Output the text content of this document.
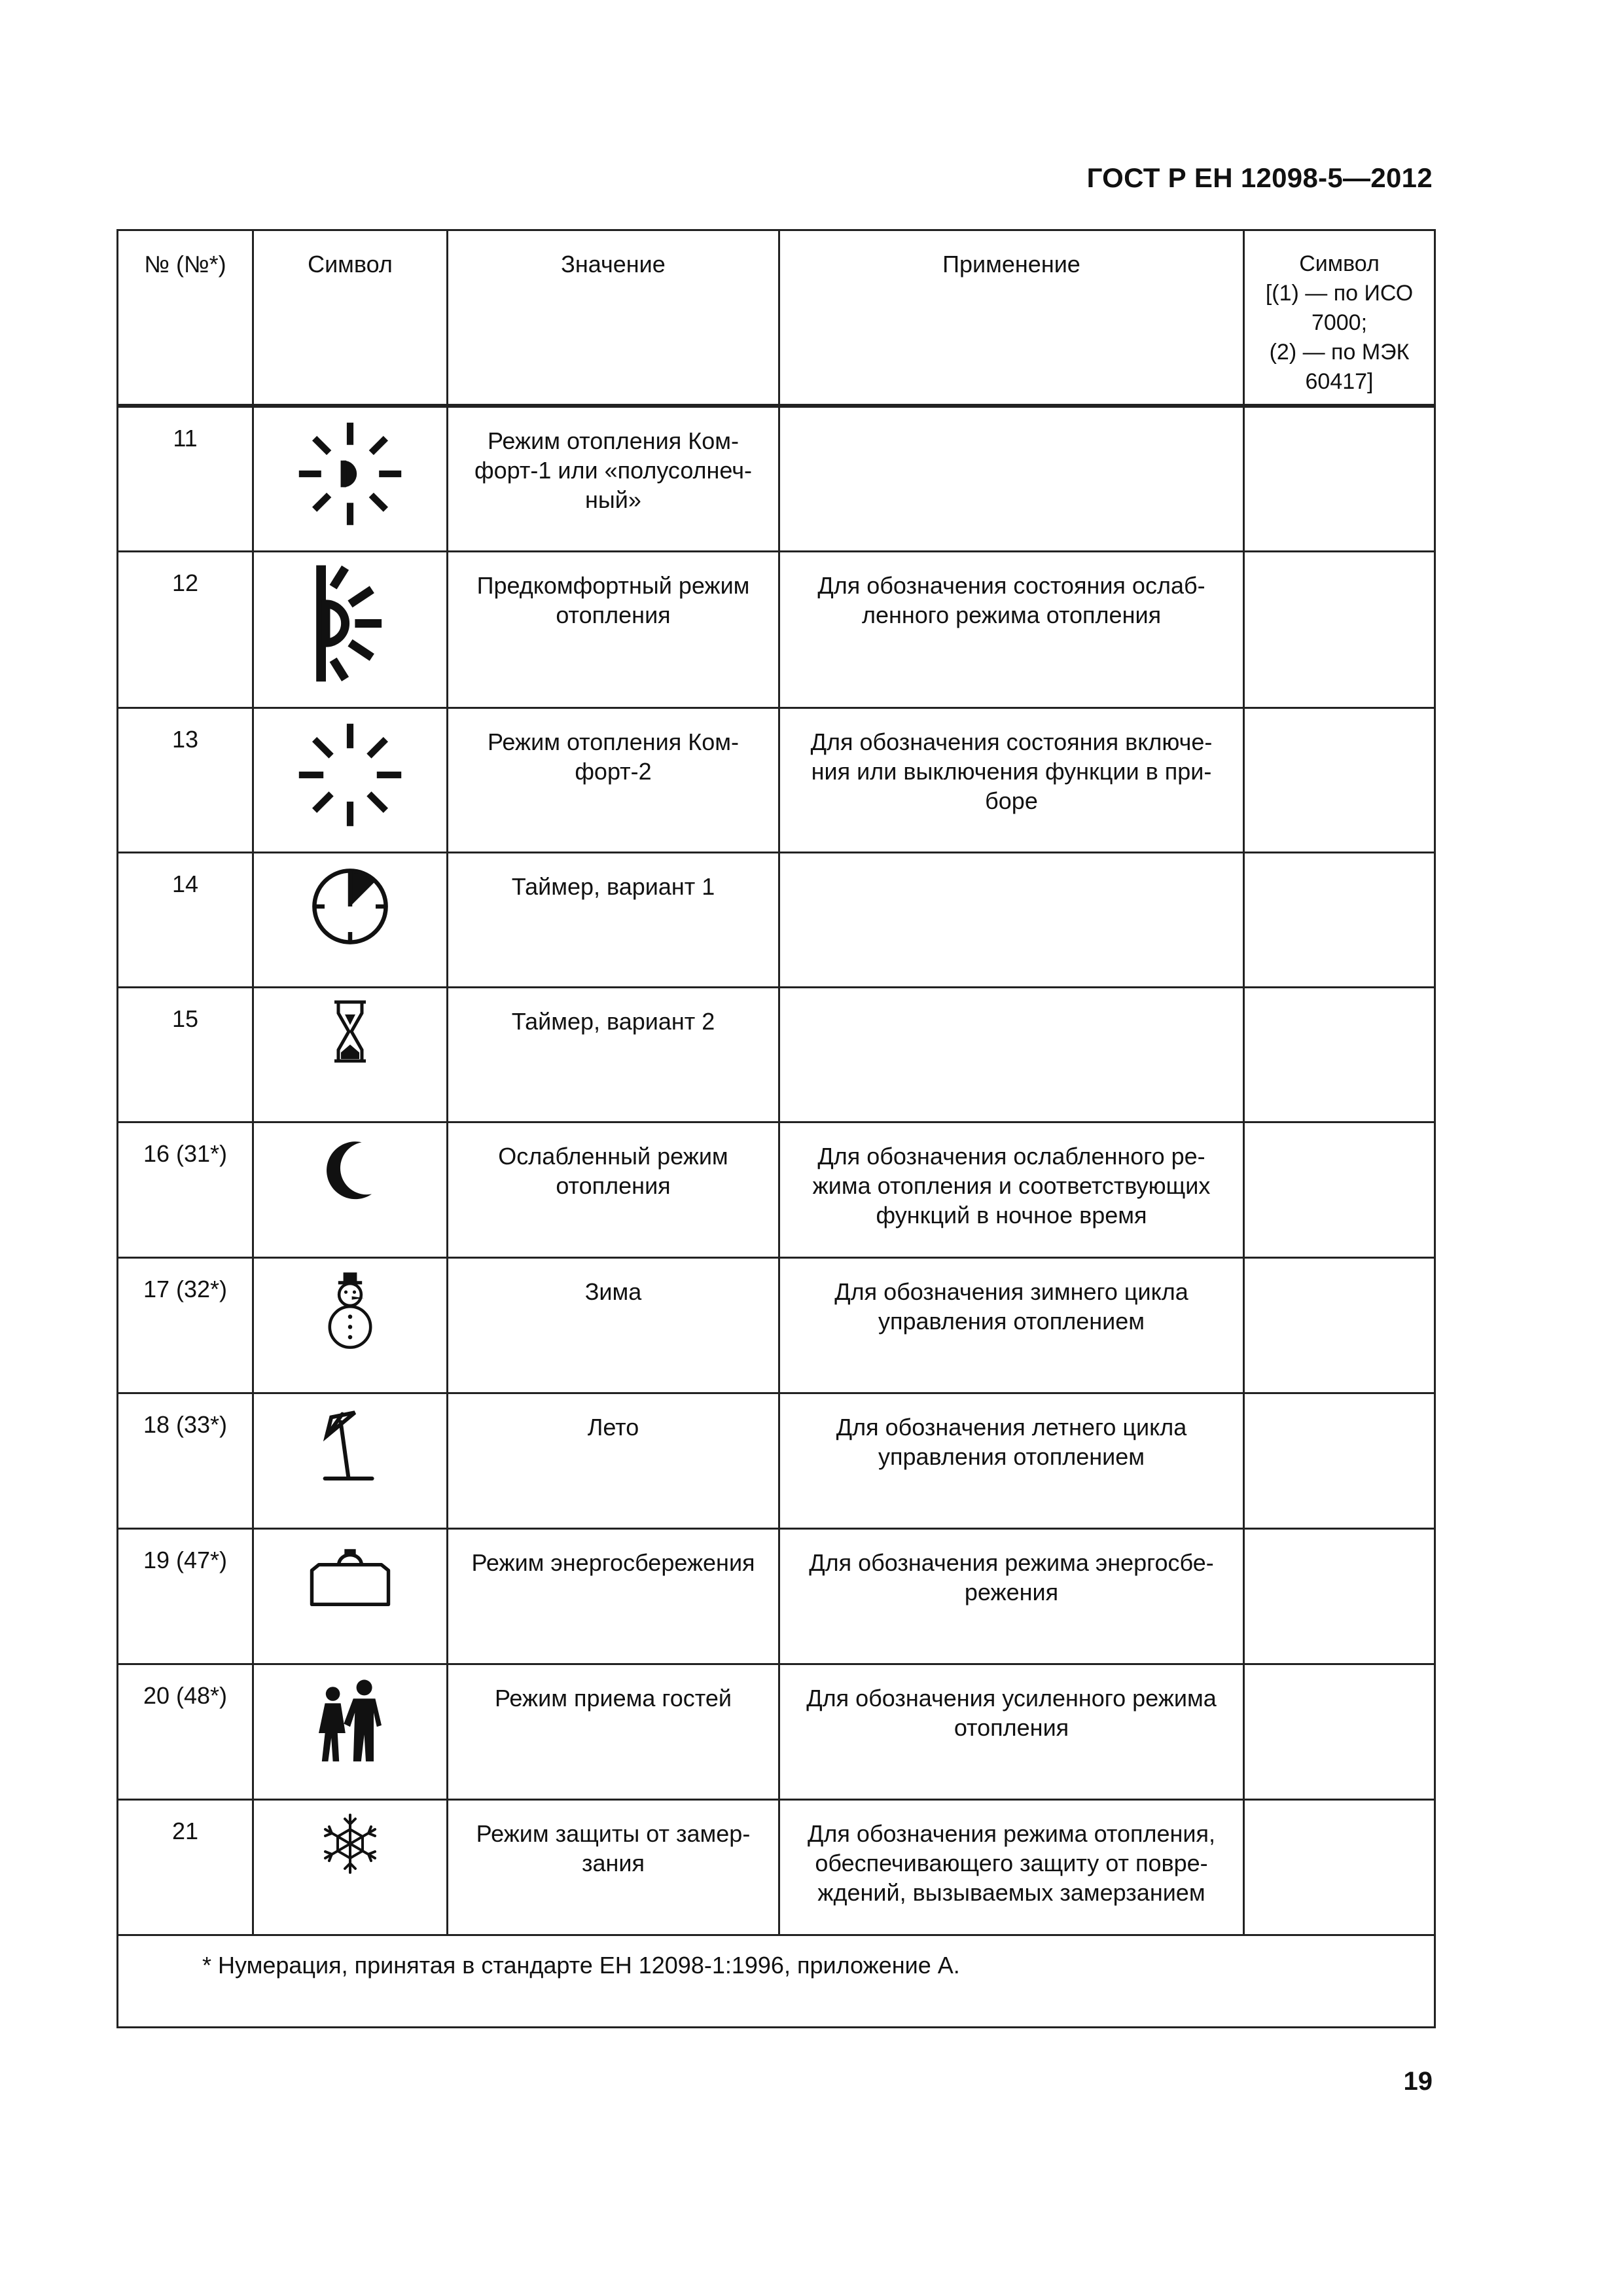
ГОСТ Р ЕН 12098-5—2012
№ (№*)	Символ	Значение	Применение	Символ
[(1) — по ИСО
7000;
(2) — по МЭК
60417]
11		Режим отопления Ком-
форт-1 или «полусолнеч-
ный»		
12		Предкомфортный режим
отопления	Для обозначения состояния ослаб-
ленного режима отопления	
13		Режим отопления Ком-
форт-2	Для обозначения состояния включе-
ния или выключения функции в при-
боре	
14		Таймер, вариант 1		
15		Таймер, вариант 2		
16 (31*)		Ослабленный режим
отопления	Для обозначения ослабленного ре-
жима отопления и соответствующих
функций в ночное время	
17 (32*)		Зима	Для обозначения зимнего цикла
управления отоплением	
18 (33*)		Лето	Для обозначения летнего цикла
управления отоплением	
19 (47*)		Режим энергосбережения	Для обозначения режима энергосбе-
режения	
20 (48*)		Режим приема гостей	Для обозначения усиленного режима
отопления	
21		Режим защиты от замер-
зания	Для обозначения режима отопления,
обеспечивающего защиту от повре-
ждений, вызываемых замерзанием	
* Нумерация, принятая в стандарте ЕН 12098-1:1996, приложение А.				
19
